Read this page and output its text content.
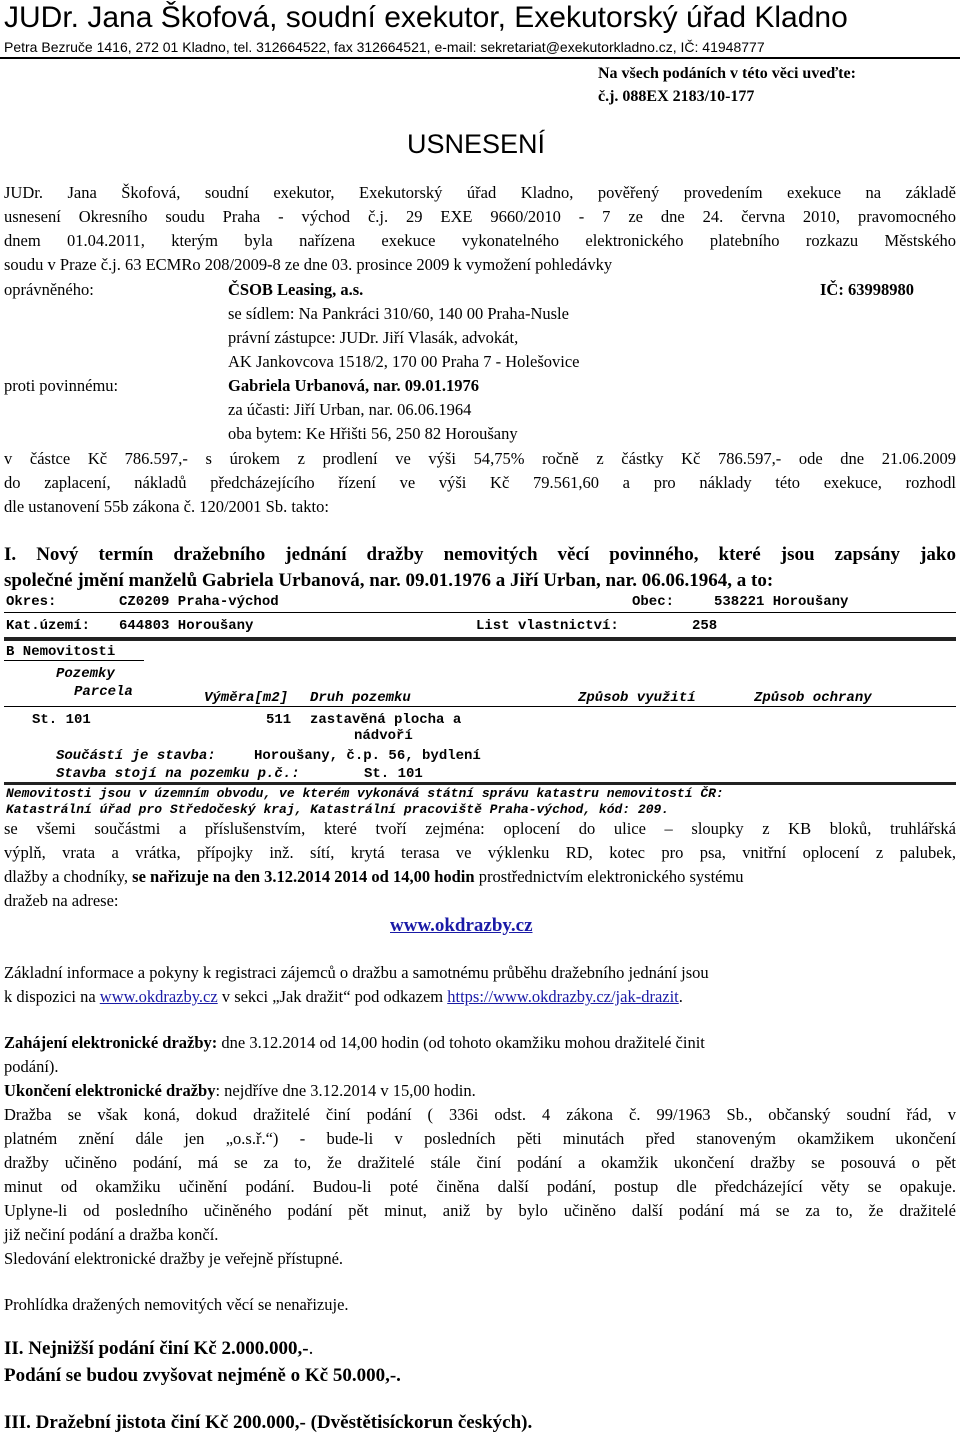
JUDr. Jana Škofová, soudní exekutor, Exekutorský úřad Kladno
Petra Bezruče 1416, 272 01 Kladno, tel. 312664522, fax 312664521, e-mail: sekretariat@exekutorkladno.cz, IČ: 41948777
Na všech podáních v této věci uveďte:
č.j. 088EX 2183/10-177
USNESENÍ
JUDr. Jana Škofová, soudní exekutor, Exekutorský úřad Kladno, pověřený provedením exekuce na základě
usnesení Okresního soudu Praha - východ č.j. 29 EXE 9660/2010 - 7 ze dne 24. června 2010, pravomocného
dnem 01.04.2011, kterým byla nařízena exekuce vykonatelného elektronického platebního rozkazu Městského
soudu v Praze č.j. 63 ECMRo 208/2009-8 ze dne 03. prosince 2009 k vymožení pohledávky
oprávněného:	ČSOB Leasing, a.s.	IČ: 63998980
se sídlem: Na Pankráci 310/60, 140 00 Praha-Nusle
právní zástupce: JUDr. Jiří Vlasák, advokát,
AK Jankovcova 1518/2, 170 00 Praha 7 - Holešovice
proti povinnému:	Gabriela Urbanová, nar. 09.01.1976
za účasti: Jiří Urban, nar. 06.06.1964
oba bytem: Ke Hřišti 56, 250 82 Horoušany
v částce Kč 786.597,- s úrokem z prodlení ve výši 54,75% ročně z částky Kč 786.597,- ode dne 21.06.2009
do zaplacení, nákladů předcházejícího řízení ve výši Kč 79.561,60 a pro náklady této exekuce, rozhodl
dle ustanovení 55b zákona č. 120/2001 Sb. takto:
I. Nový termín dražebního jednání dražby nemovitých věcí povinného, které jsou zapsány jako
společné jmění manželů Gabriela Urbanová, nar. 09.01.1976 a Jiří Urban, nar. 06.06.1964, a to:
Okres:	CZ0209 Praha-východ	Obec:	538221 Horoušany
Kat.území: 644803 Horoušany	List vlastnictví:	258
B Nemovitosti
Pozemky
Parcela	Výměra[m2] Druh pozemku	Způsob využití	Způsob ochrany
St. 101	511 zastavěná plocha a
nádvoří
Součástí je stavba:	Horoušany, č.p. 56, bydlení
Stavba stojí na pozemku p.č.:	St. 101
Nemovitosti jsou v územním obvodu, ve kterém vykonává státní správu katastru nemovitostí ČR:
Katastrální úřad pro Středočeský kraj, Katastrální pracoviště Praha-východ, kód: 209.
se všemi součástmi a příslušenstvím, které tvoří zejména: oplocení do ulice – sloupky z KB bloků, truhlářská
výplň, vrata a vrátka, přípojky inž. sítí, krytá terasa ve výklenku RD, kotec pro psa, vnitřní oplocení z palubek,
dlažby a chodníky, se nařizuje na den 3.12.2014 2014 od 14,00 hodin prostřednictvím elektronického systému
dražeb na adrese:
www.okdrazby.cz
Základní informace a pokyny k registraci zájemců o dražbu a samotnému průběhu dražebního jednání jsou
k dispozici na www.okdrazby.cz v sekci „Jak dražit“ pod odkazem https://www.okdrazby.cz/jak-drazit.
Zahájení elektronické dražby: dne 3.12.2014 od 14,00 hodin (od tohoto okamžiku mohou dražitelé činit
podání).
Ukončení elektronické dražby: nejdříve dne 3.12.2014 v 15,00 hodin.
Dražba se však koná, dokud dražitelé činí podání ( 336i odst. 4 zákona č. 99/1963 Sb., občanský soudní řád, v
platném znění dále jen „o.s.ř.“) - bude-li v posledních pěti minutách před stanoveným okamžikem ukončení
dražby učiněno podání, má se za to, že dražitelé stále činí podání a okamžik ukončení dražby se posouvá o pět
minut od okamžiku učinění podání. Budou-li poté činěna další podání, postup dle předcházející věty se opakuje.
Uplyne-li od posledního učiněného podání pět minut, aniž by bylo učiněno další podání má se za to, že dražitelé
již nečiní podání a dražba končí.
Sledování elektronické dražby je veřejně přístupné.
Prohlídka dražených nemovitých věcí se nenařizuje.
II. Nejnižší podání činí Kč 2.000.000,-.
Podání se budou zvyšovat nejméně o Kč 50.000,-.
III. Dražební jistota činí Kč 200.000,- (Dvěstětisíckorun českých).
